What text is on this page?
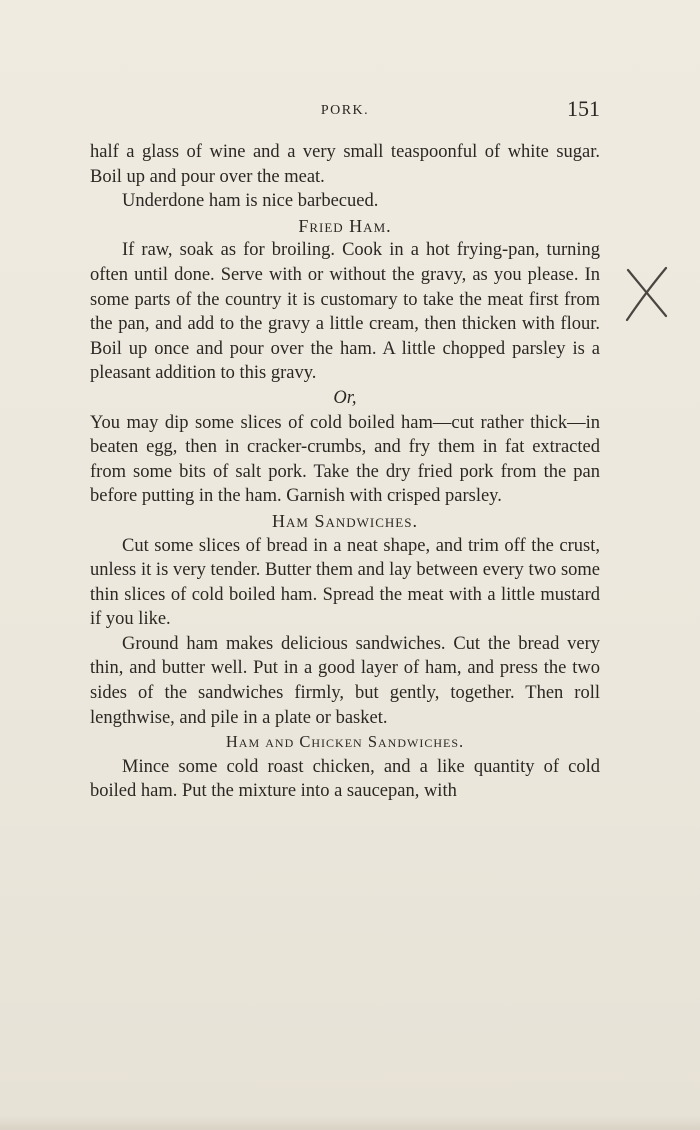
PORK.	151

half a glass of wine and a very small teaspoonful of white sugar. Boil up and pour over the meat.

Underdone ham is nice barbecued.

Fried Ham.

If raw, soak as for broiling. Cook in a hot frying-pan, turning often until done. Serve with or without the gravy, as you please. In some parts of the country it is customary to take the meat first from the pan, and add to the gravy a little cream, then thicken with flour. Boil up once and pour over the ham. A little chopped parsley is a pleasant addition to this gravy.

Or,

You may dip some slices of cold boiled ham—cut rather thick—in beaten egg, then in cracker-crumbs, and fry them in fat extracted from some bits of salt pork. Take the dry fried pork from the pan before putting in the ham. Garnish with crisped parsley.

Ham Sandwiches.

Cut some slices of bread in a neat shape, and trim off the crust, unless it is very tender. Butter them and lay between every two some thin slices of cold boiled ham. Spread the meat with a little mustard if you like.

Ground ham makes delicious sandwiches. Cut the bread very thin, and butter well. Put in a good layer of ham, and press the two sides of the sandwiches firmly, but gently, together. Then roll lengthwise, and pile in a plate or basket.

Ham and Chicken Sandwiches.

Mince some cold roast chicken, and a like quantity of cold boiled ham. Put the mixture into a saucepan, with
